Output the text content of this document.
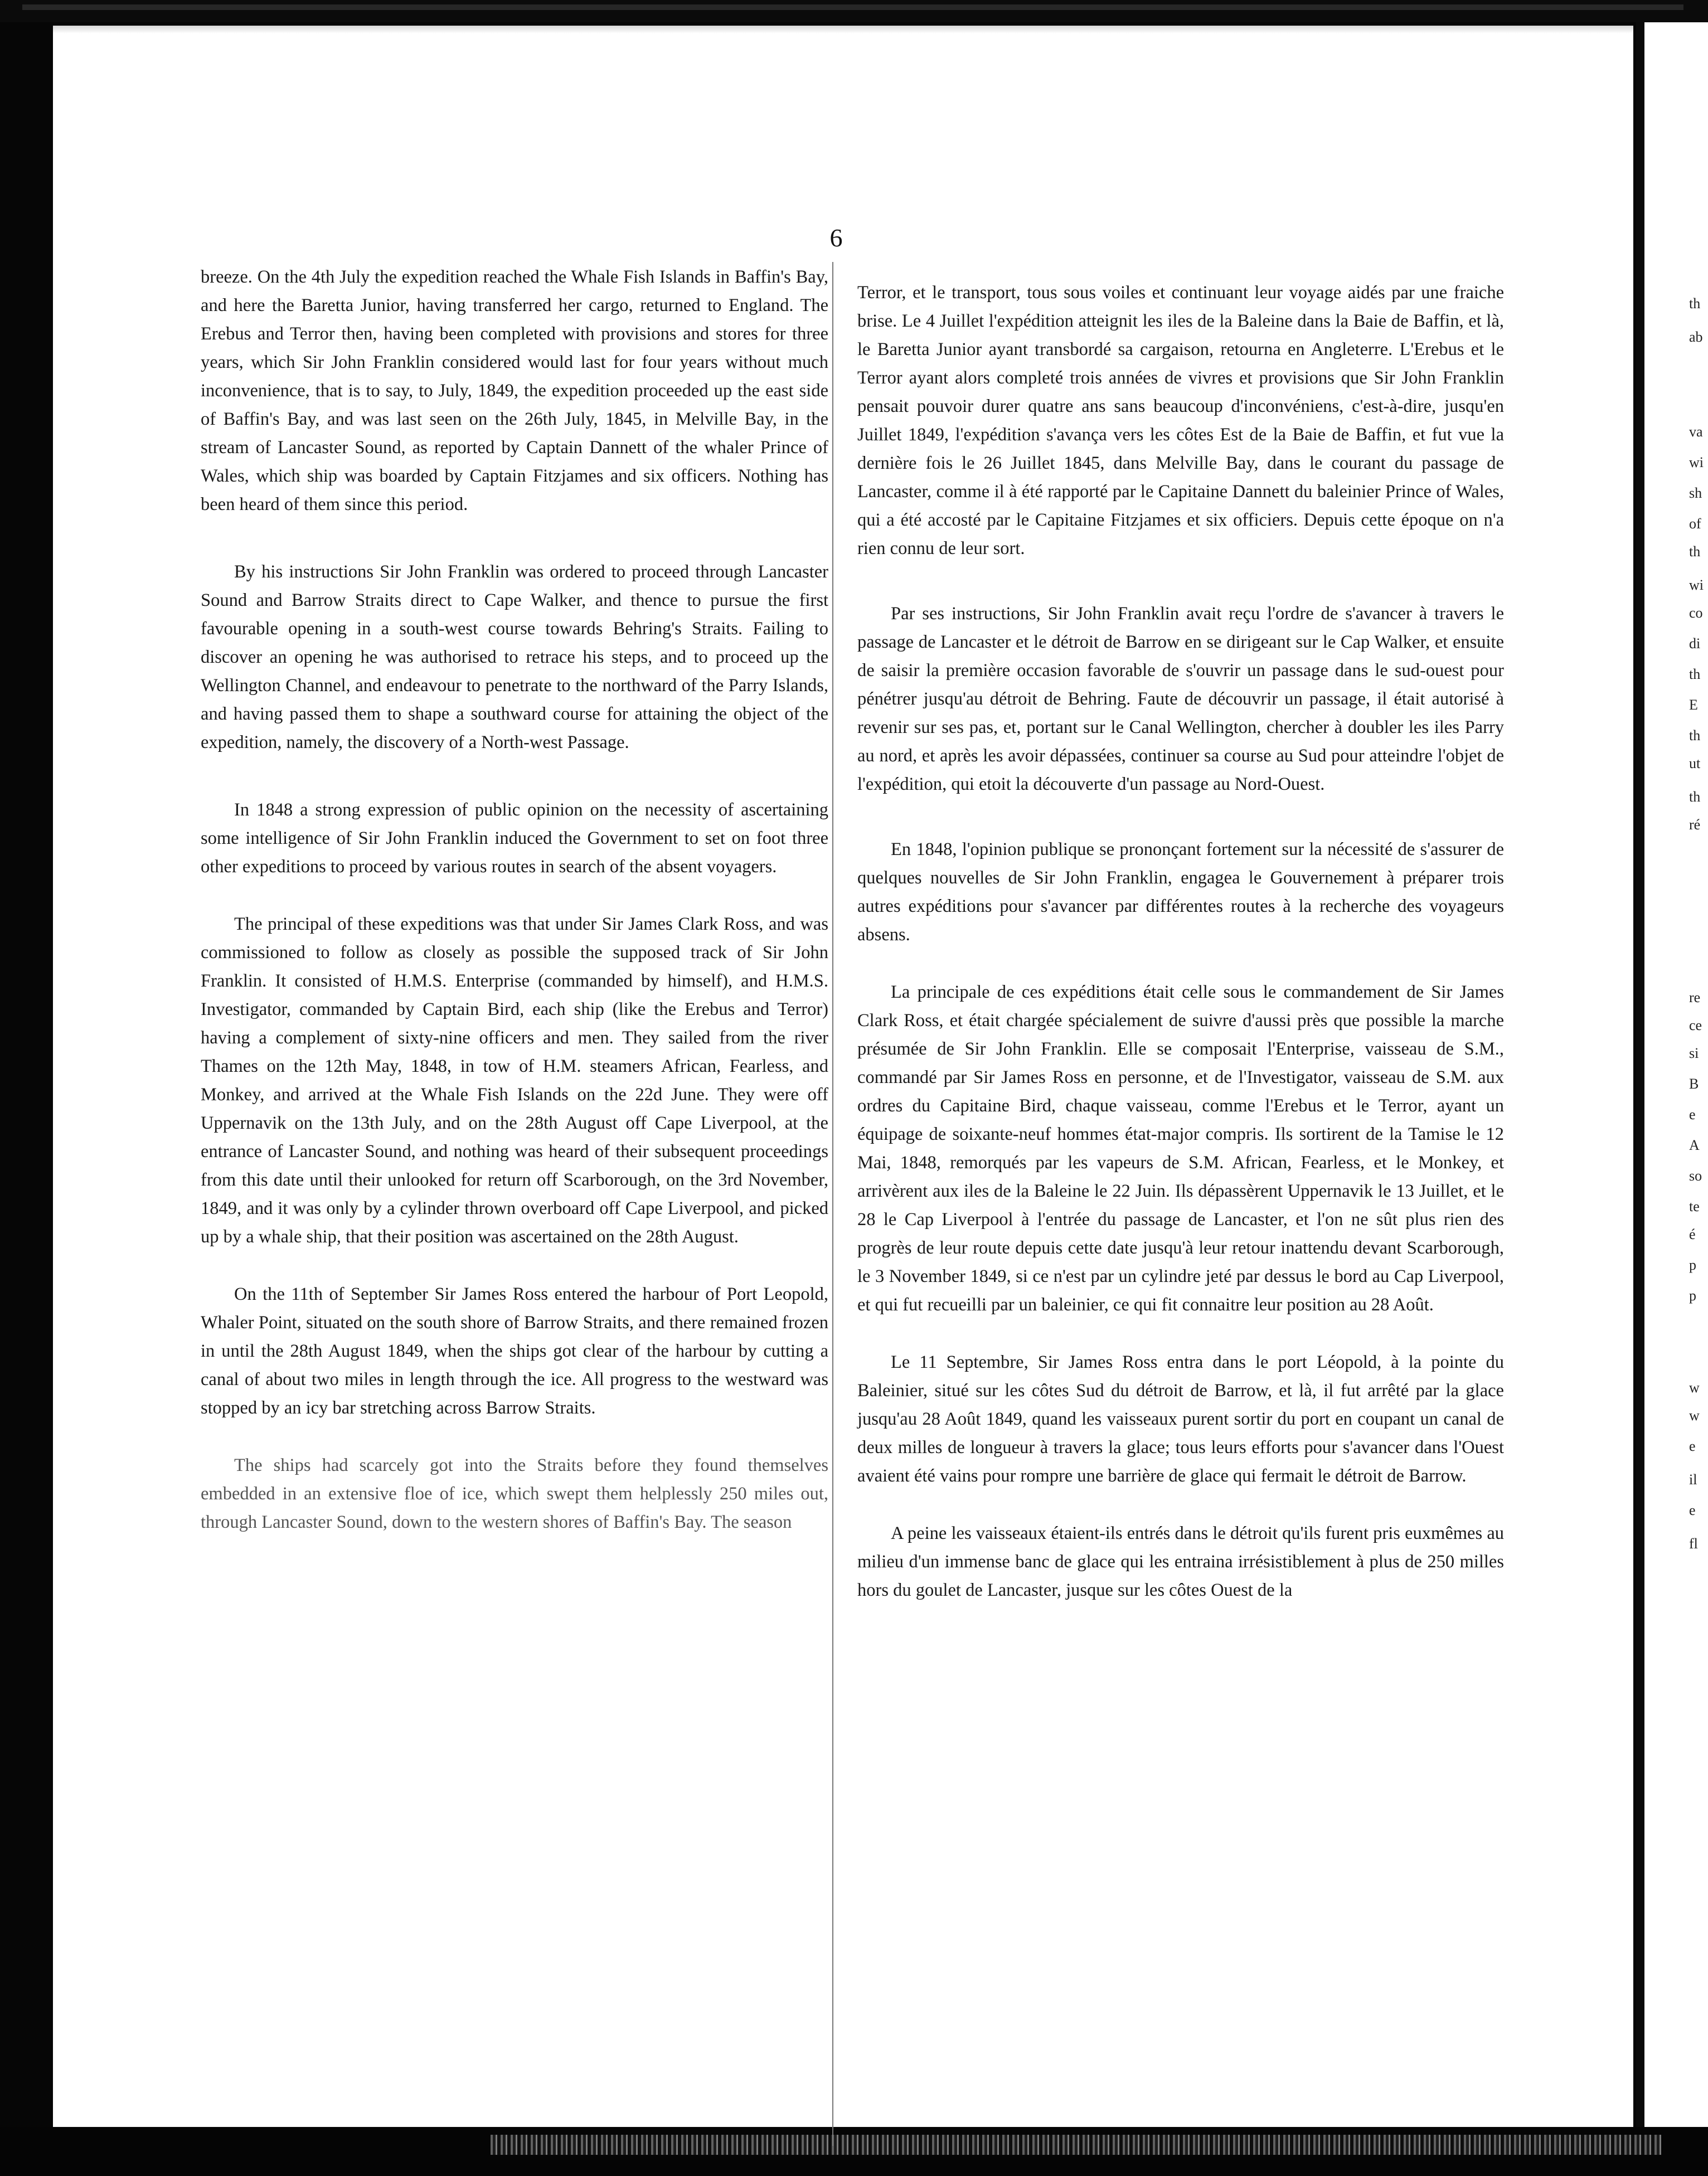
th
ab
va
wi
sh
of
th
wi
co
di
th
E
th
ut
th
ré
re
ce
si
B
e
A
so
te
é
p
p
w
w
e
il
e
fl
6

breeze. On the 4th July the expedition reached the Whale Fish Islands in Baffin's Bay, and here the Baretta Junior, having transferred her cargo, returned to England. The Erebus and Terror then, having been completed with provisions and stores for three years, which Sir John Franklin considered would last for four years without much inconvenience, that is to say, to July, 1849, the expedition proceeded up the east side of Baffin's Bay, and was last seen on the 26th July, 1845, in Melville Bay, in the stream of Lancaster Sound, as reported by Captain Dannett of the whaler Prince of Wales, which ship was boarded by Captain Fitzjames and six officers. Nothing has been heard of them since this period.

By his instructions Sir John Franklin was ordered to proceed through Lancaster Sound and Barrow Straits direct to Cape Walker, and thence to pursue the first favourable opening in a south-west course towards Behring's Straits. Failing to discover an opening he was authorised to retrace his steps, and to proceed up the Wellington Channel, and endeavour to penetrate to the northward of the Parry Islands, and having passed them to shape a southward course for attaining the object of the expedition, namely, the discovery of a North-west Passage.

In 1848 a strong expression of public opinion on the necessity of ascertaining some intelligence of Sir John Franklin induced the Government to set on foot three other expeditions to proceed by various routes in search of the absent voyagers.

The principal of these expeditions was that under Sir James Clark Ross, and was commissioned to follow as closely as possible the supposed track of Sir John Franklin. It consisted of H.M.S. Enterprise (commanded by himself), and H.M.S. Investigator, commanded by Captain Bird, each ship (like the Erebus and Terror) having a complement of sixty-nine officers and men. They sailed from the river Thames on the 12th May, 1848, in tow of H.M. steamers African, Fearless, and Monkey, and arrived at the Whale Fish Islands on the 22d June. They were off Uppernavik on the 13th July, and on the 28th August off Cape Liverpool, at the entrance of Lancaster Sound, and nothing was heard of their subsequent proceedings from this date until their unlooked for return off Scarborough, on the 3rd November, 1849, and it was only by a cylinder thrown overboard off Cape Liverpool, and picked up by a whale ship, that their position was ascertained on the 28th August.

On the 11th of September Sir James Ross entered the harbour of Port Leopold, Whaler Point, situated on the south shore of Barrow Straits, and there remained frozen in until the 28th August 1849, when the ships got clear of the harbour by cutting a canal of about two miles in length through the ice. All progress to the westward was stopped by an icy bar stretching across Barrow Straits.

The ships had scarcely got into the Straits before they found themselves embedded in an extensive floe of ice, which swept them helplessly 250 miles out, through Lancaster Sound, down to the western shores of Baffin's Bay. The season

Terror, et le transport, tous sous voiles et continuant leur voyage aidés par une fraiche brise. Le 4 Juillet l'expédition atteignit les iles de la Baleine dans la Baie de Baffin, et là, le Baretta Junior ayant transbordé sa cargaison, retourna en Angleterre. L'Erebus et le Terror ayant alors completé trois années de vivres et provisions que Sir John Franklin pensait pouvoir durer quatre ans sans beaucoup d'inconvéniens, c'est-à-dire, jusqu'en Juillet 1849, l'expédition s'avança vers les côtes Est de la Baie de Baffin, et fut vue la dernière fois le 26 Juillet 1845, dans Melville Bay, dans le courant du passage de Lancaster, comme il à été rapporté par le Capitaine Dannett du baleinier Prince of Wales, qui a été accosté par le Capitaine Fitzjames et six officiers. Depuis cette époque on n'a rien connu de leur sort.

Par ses instructions, Sir John Franklin avait reçu l'ordre de s'avancer à travers le passage de Lancaster et le détroit de Barrow en se dirigeant sur le Cap Walker, et ensuite de saisir la première occasion favorable de s'ouvrir un passage dans le sud-ouest pour pénétrer jusqu'au détroit de Behring. Faute de découvrir un passage, il était autorisé à revenir sur ses pas, et, portant sur le Canal Wellington, chercher à doubler les iles Parry au nord, et après les avoir dépassées, continuer sa course au Sud pour atteindre l'objet de l'expédition, qui etoit la découverte d'un passage au Nord-Ouest.

En 1848, l'opinion publique se prononçant fortement sur la nécessité de s'assurer de quelques nouvelles de Sir John Franklin, engagea le Gouvernement à préparer trois autres expéditions pour s'avancer par différentes routes à la recherche des voyageurs absens.

La principale de ces expéditions était celle sous le commandement de Sir James Clark Ross, et était chargée spécialement de suivre d'aussi près que possible la marche présumée de Sir John Franklin. Elle se composait l'Enterprise, vaisseau de S.M., commandé par Sir James Ross en personne, et de l'Investigator, vaisseau de S.M. aux ordres du Capitaine Bird, chaque vaisseau, comme l'Erebus et le Terror, ayant un équipage de soixante-neuf hommes état-major compris. Ils sortirent de la Tamise le 12 Mai, 1848, remorqués par les vapeurs de S.M. African, Fearless, et le Monkey, et arrivèrent aux iles de la Baleine le 22 Juin. Ils dépassèrent Uppernavik le 13 Juillet, et le 28 le Cap Liverpool à l'entrée du passage de Lancaster, et l'on ne sût plus rien des progrès de leur route depuis cette date jusqu'à leur retour inattendu devant Scarborough, le 3 November 1849, si ce n'est par un cylindre jeté par dessus le bord au Cap Liverpool, et qui fut recueilli par un baleinier, ce qui fit connaitre leur position au 28 Août.

Le 11 Septembre, Sir James Ross entra dans le port Léopold, à la pointe du Baleinier, situé sur les côtes Sud du détroit de Barrow, et là, il fut arrêté par la glace jusqu'au 28 Août 1849, quand les vaisseaux purent sortir du port en coupant un canal de deux milles de longueur à travers la glace; tous leurs efforts pour s'avancer dans l'Ouest avaient été vains pour rompre une barrière de glace qui fermait le détroit de Barrow.

A peine les vaisseaux étaient-ils entrés dans le détroit qu'ils furent pris euxmêmes au milieu d'un immense banc de glace qui les entraina irrésistiblement à plus de 250 milles hors du goulet de Lancaster, jusque sur les côtes Ouest de la
